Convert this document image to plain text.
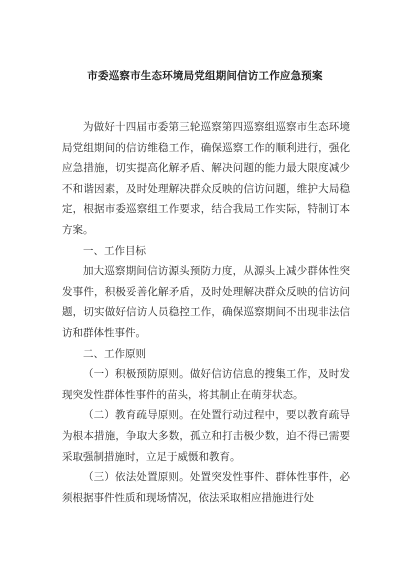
市委巡察市生态环境局党组期间信访工作应急预案

为做好十四届市委第三轮巡察第四巡察组巡察市生态环境局党组期间的信访维稳工作，确保巡察工作的顺利进行，强化应急措施，切实提高化解矛盾、解决问题的能力最大限度减少不和谐因素，及时处理解决群众反映的信访问题，维护大局稳定，根据市委巡察组工作要求，结合我局工作实际，特制订本方案。

一、工作目标

加大巡察期间信访源头预防力度，从源头上减少群体性突发事件，积极妥善化解矛盾，及时处理解决群众反映的信访问题，切实做好信访人员稳控工作，确保巡察期间不出现非法信访和群体性事件。

二、工作原则

（一）积极预防原则。做好信访信息的搜集工作，及时发现突发性群体性事件的苗头，将其制止在萌芽状态。

（二）教育疏导原则。在处置行动过程中，要以教育疏导为根本措施，争取大多数，孤立和打击极少数，迫不得已需要采取强制措施时，立足于威慑和教育。

（三）依法处置原则。处置突发性事件、群体性事件，必须根据事件性质和现场情况，依法采取相应措施进行处
